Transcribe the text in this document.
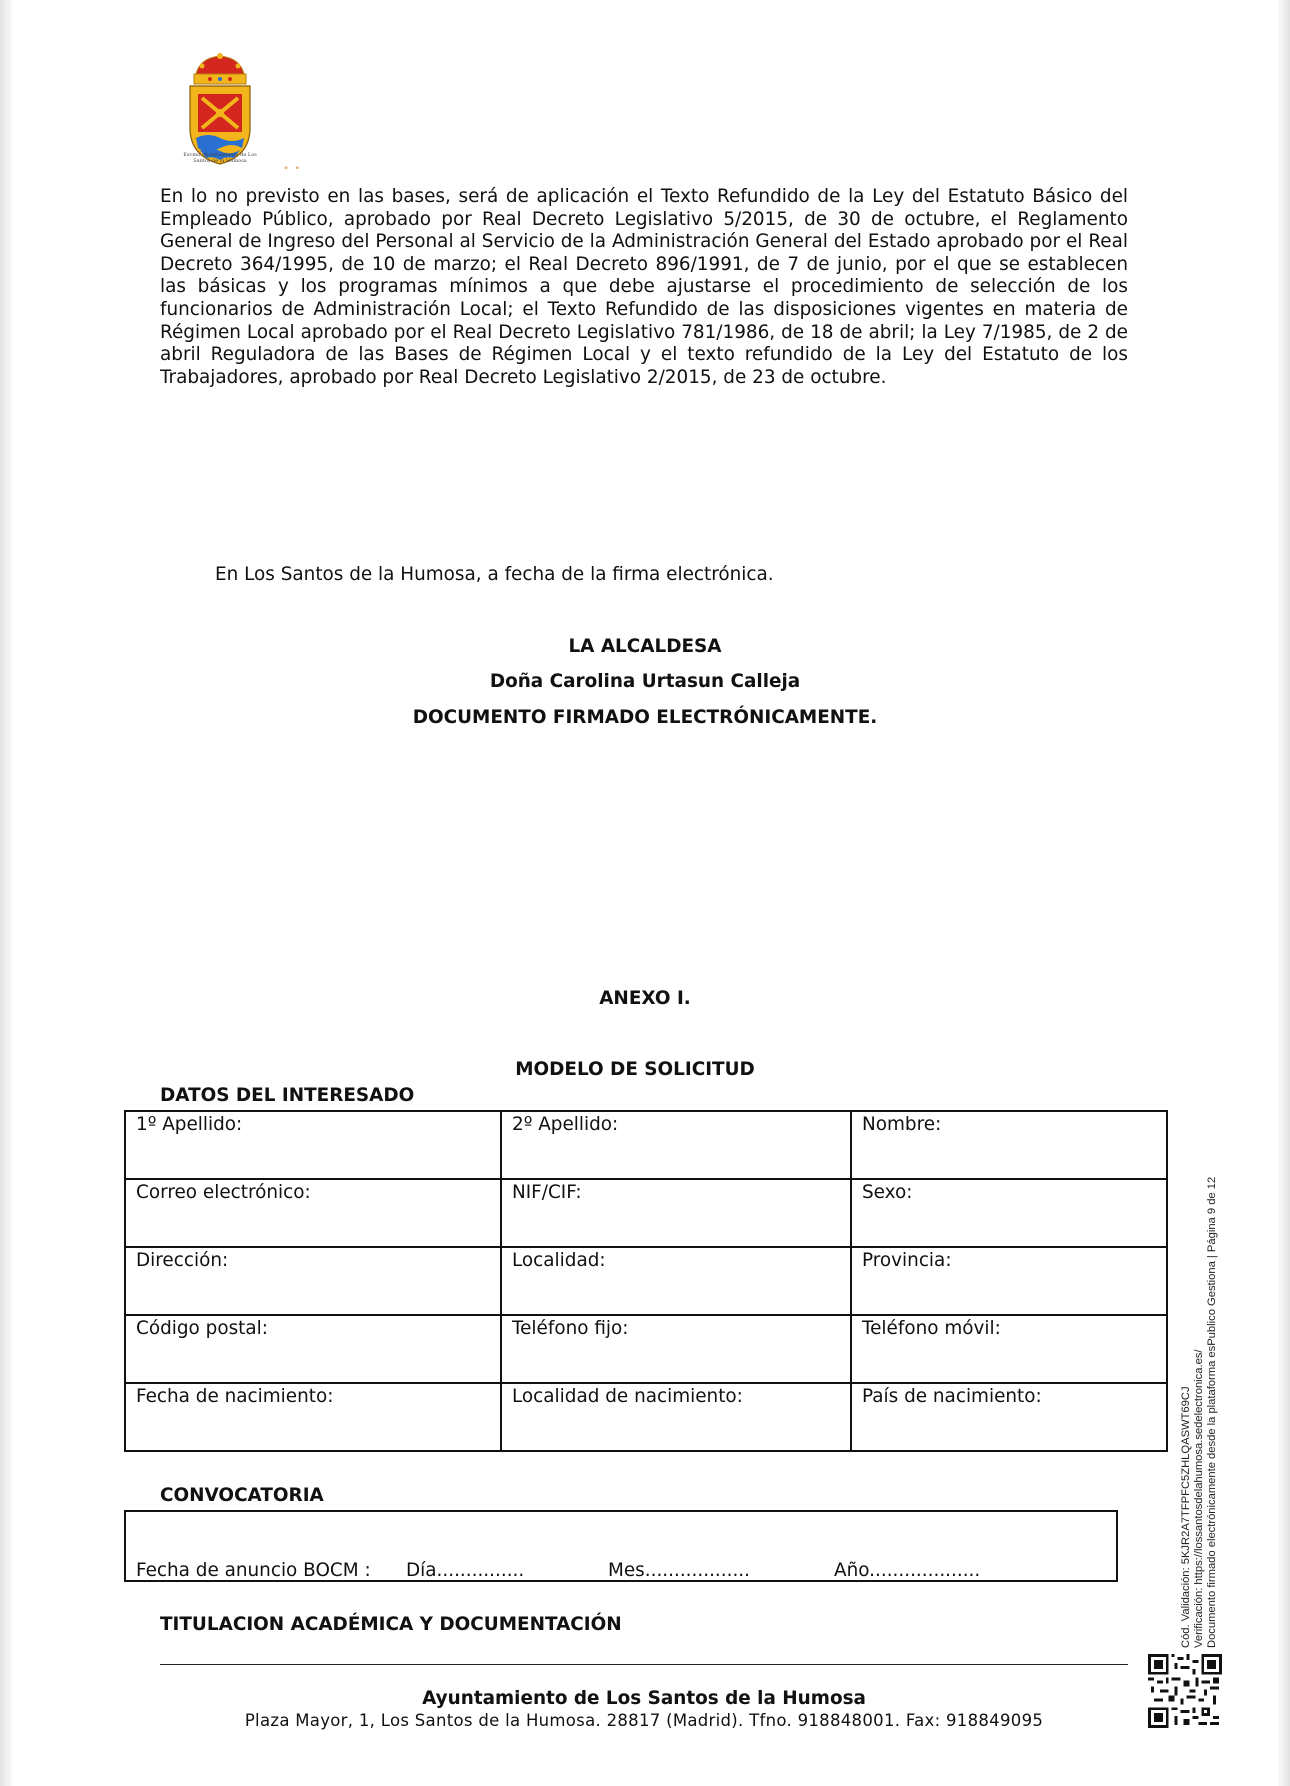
Excmo. Ayuntamiento de Los Santos de la Humosa
" "

En lo no previsto en las bases, será de aplicación el Texto Refundido de la Ley del Estatuto Básico del Empleado Público, aprobado por Real Decreto Legislativo 5/2015, de 30 de octubre, el Reglamento General de Ingreso del Personal al Servicio de la Administración General del Estado aprobado por el Real Decreto 364/1995, de 10 de marzo; el Real Decreto 896/1991, de 7 de junio, por el que se establecen las básicas y los programas mínimos a que debe ajustarse el procedimiento de selección de los funcionarios de Administración Local; el Texto Refundido de las disposiciones vigentes en materia de Régimen Local aprobado por el Real Decreto Legislativo 781/1986, de 18 de abril; la Ley 7/1985, de 2 de abril Reguladora de las Bases de Régimen Local y el texto refundido de la Ley del Estatuto de los Trabajadores, aprobado por Real Decreto Legislativo 2/2015, de 23 de octubre.

En Los Santos de la Humosa, a fecha de la firma electrónica.

LA ALCALDESA

Doña Carolina Urtasun Calleja

DOCUMENTO FIRMADO ELECTRÓNICAMENTE.

ANEXO I.

MODELO DE SOLICITUD

DATOS DEL INTERESADO

1º Apellido:	2º Apellido:	Nombre:
Correo electrónico:	NIF/CIF:	Sexo:
Dirección:	Localidad:	Provincia:
Código postal:	Teléfono fijo:	Teléfono móvil:
Fecha de nacimiento:	Localidad de nacimiento:	País de nacimiento:

CONVOCATORIA

Fecha de anuncio BOCM : Día...............	Mes..................	Año...................

TITULACION ACADÉMICA Y DOCUMENTACIÓN

Ayuntamiento de Los Santos de la Humosa

Plaza Mayor, 1, Los Santos de la Humosa. 28817 (Madrid). Tfno. 918848001. Fax: 918849095

Cód. Validación: 5KJR2A7TFPFC5ZHLQASWT69CJ Verificación: https://lossantosdelahumosa.sedelectronica.es/ Documento firmado electrónicamente desde la plataforma esPublico Gestiona | Página 9 de 12
